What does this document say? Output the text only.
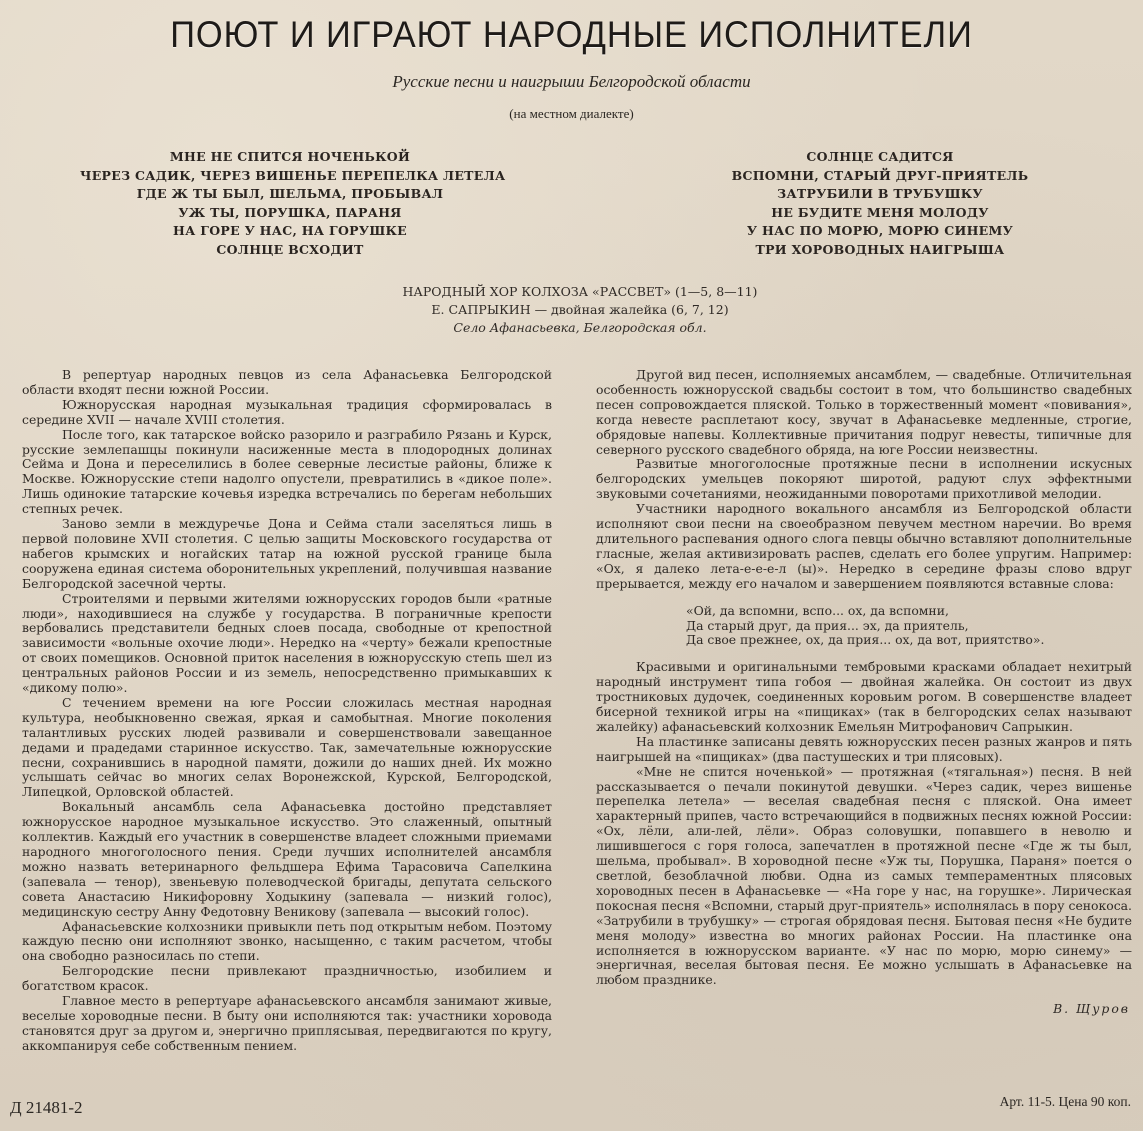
ПОЮТ И ИГРАЮТ НАРОДНЫЕ ИСПОЛНИТЕЛИ
Русские песни и наигрыши Белгородской области
(на местном диалекте)
МНЕ НЕ СПИТСЯ НОЧЕНЬКОЙ
ЧЕРЕЗ САДИК, ЧЕРЕЗ ВИШЕНЬЕ ПЕРЕПЕЛКА ЛЕТЕЛА
ГДЕ Ж ТЫ БЫЛ, ШЕЛЬМА, ПРОБЫВАЛ
УЖ ТЫ, ПОРУШКА, ПАРАНЯ
НА ГОРЕ У НАС, НА ГОРУШКЕ
СОЛНЦЕ ВСХОДИТ
СОЛНЦЕ САДИТСЯ
ВСПОМНИ, СТАРЫЙ ДРУГ-ПРИЯТЕЛЬ
ЗАТРУБИЛИ В ТРУБУШКУ
НЕ БУДИТЕ МЕНЯ МОЛОДУ
У НАС ПО МОРЮ, МОРЮ СИНЕМУ
ТРИ ХОРОВОДНЫХ НАИГРЫША
НАРОДНЫЙ ХОР КОЛХОЗА «РАССВЕТ» (1—5, 8—11)
Е. САПРЫКИН — двойная жалейка (6, 7, 12)
Село Афанасьевка, Белгородская обл.

В репертуар народных певцов из села Афанасьевка Белгородской области входят песни южной России.

Южнорусская народная музыкальная традиция сформировалась в середине XVII — начале XVIII столетия.

После того, как татарское войско разорило и разграбило Рязань и Курск, русские землепашцы покинули насиженные места в плодородных долинах Сейма и Дона и переселились в более северные лесистые районы, ближе к Москве. Южнорусские степи надолго опустели, превратились в «дикое поле». Лишь одинокие татарские кочевья изредка встречались по берегам небольших степных речек.

Заново земли в междуречье Дона и Сейма стали заселяться лишь в первой половине XVII столетия. С целью защиты Московского государства от набегов крымских и ногайских татар на южной русской границе была сооружена единая система оборонительных укреплений, получившая название Белгородской засечной черты.

Строителями и первыми жителями южнорусских городов были «ратные люди», находившиеся на службе у государства. В пограничные крепости вербовались представители бедных слоев посада, свободные от крепостной зависимости «вольные охочие люди». Нередко на «черту» бежали крепостные от своих помещиков. Основной приток населения в южнорусскую степь шел из центральных районов России и из земель, непосредственно примыкавших к «дикому полю».

С течением времени на юге России сложилась местная народная культура, необыкновенно свежая, яркая и самобытная. Многие поколения талантливых русских людей развивали и совершенствовали завещанное дедами и прадедами старинное искусство. Так, замечательные южнорусские песни, сохранившись в народной памяти, дожили до наших дней. Их можно услышать сейчас во многих селах Воронежской, Курской, Белгородской, Липецкой, Орловской областей.

Вокальный ансамбль села Афанасьевка достойно представляет южнорусское народное музыкальное искусство. Это слаженный, опытный коллектив. Каждый его участник в совершенстве владеет сложными приемами народного многоголосного пения. Среди лучших исполнителей ансамбля можно назвать ветеринарного фельдшера Ефима Тарасовича Сапелкина (запевала — тенор), звеньевую полеводческой бригады, депутата сельского совета Анастасию Никифоровну Ходыкину (запевала — низкий голос), медицинскую сестру Анну Федотовну Веникову (запевала — высокий голос).

Афанасьевские колхозники привыкли петь под открытым небом. Поэтому каждую песню они исполняют звонко, насыщенно, с таким расчетом, чтобы она свободно разносилась по степи.

Белгородские песни привлекают праздничностью, изобилием и богатством красок.

Главное место в репертуаре афанасьевского ансамбля занимают живые, веселые хороводные песни. В быту они исполняются так: участники хоровода становятся друг за другом и, энергично приплясывая, передвигаются по кругу, аккомпанируя себе собственным пением.

Другой вид песен, исполняемых ансамблем, — свадебные. Отличительная особенность южнорусской свадьбы состоит в том, что большинство свадебных песен сопровождается пляской. Только в торжественный момент «повивания», когда невесте расплетают косу, звучат в Афанасьевке медленные, строгие, обрядовые напевы. Коллективные причитания подруг невесты, типичные для северного русского свадебного обряда, на юге России неизвестны.

Развитые многоголосные протяжные песни в исполнении искусных белгородских умельцев покоряют широтой, радуют слух эффектными звуковыми сочетаниями, неожиданными поворотами прихотливой мелодии.

Участники народного вокального ансамбля из Белгородской области исполняют свои песни на своеобразном певучем местном наречии. Во время длительного распевания одного слога певцы обычно вставляют дополнительные гласные, желая активизировать распев, сделать его более упругим. Например: «Ох, я далеко лета-е-е-е-л (ы)». Нередко в середине фразы слово вдруг прерывается, между его началом и завершением появляются вставные слова:

«Ой, да вспомни, вспо... ох, да вспомни,
Да старый друг, да прия... эх, да приятель,
Да свое прежнее, ох, да прия... ох, да вот, приятство».

Красивыми и оригинальными тембровыми красками обладает нехитрый народный инструмент типа гобоя — двойная жалейка. Он состоит из двух тростниковых дудочек, соединенных коровьим рогом. В совершенстве владеет бисерной техникой игры на «пищиках» (так в белгородских селах называют жалейку) афанасьевский колхозник Емельян Митрофанович Сапрыкин.

На пластинке записаны девять южнорусских песен разных жанров и пять наигрышей на «пищиках» (два пастушеских и три плясовых).

«Мне не спится ноченькой» — протяжная («тягальная») песня. В ней рассказывается о печали покинутой девушки. «Через садик, через вишенье перепелка летела» — веселая свадебная песня с пляской. Она имеет характерный припев, часто встречающийся в подвижных песнях южной России: «Ох, лёли, али-лей, лёли». Образ соловушки, попавшего в неволю и лишившегося с горя голоса, запечатлен в протяжной песне «Где ж ты был, шельма, пробывал». В хороводной песне «Уж ты, Порушка, Параня» поется о светлой, безоблачной любви. Одна из самых темпераментных плясовых хороводных песен в Афанасьевке — «На горе у нас, на горушке». Лирическая покосная песня «Вспомни, старый друг-приятель» исполнялась в пору сенокоса. «Затрубили в трубушку» — строгая обрядовая песня. Бытовая песня «Не будите меня молоду» известна во многих районах России. На пластинке она исполняется в южнорусском варианте. «У нас по морю, морю синему» — энергичная, веселая бытовая песня. Ее можно услышать в Афанасьевке на любом празднике.

В. Щуров
Д 21481-2	Арт. 11-5. Цена 90 коп.
